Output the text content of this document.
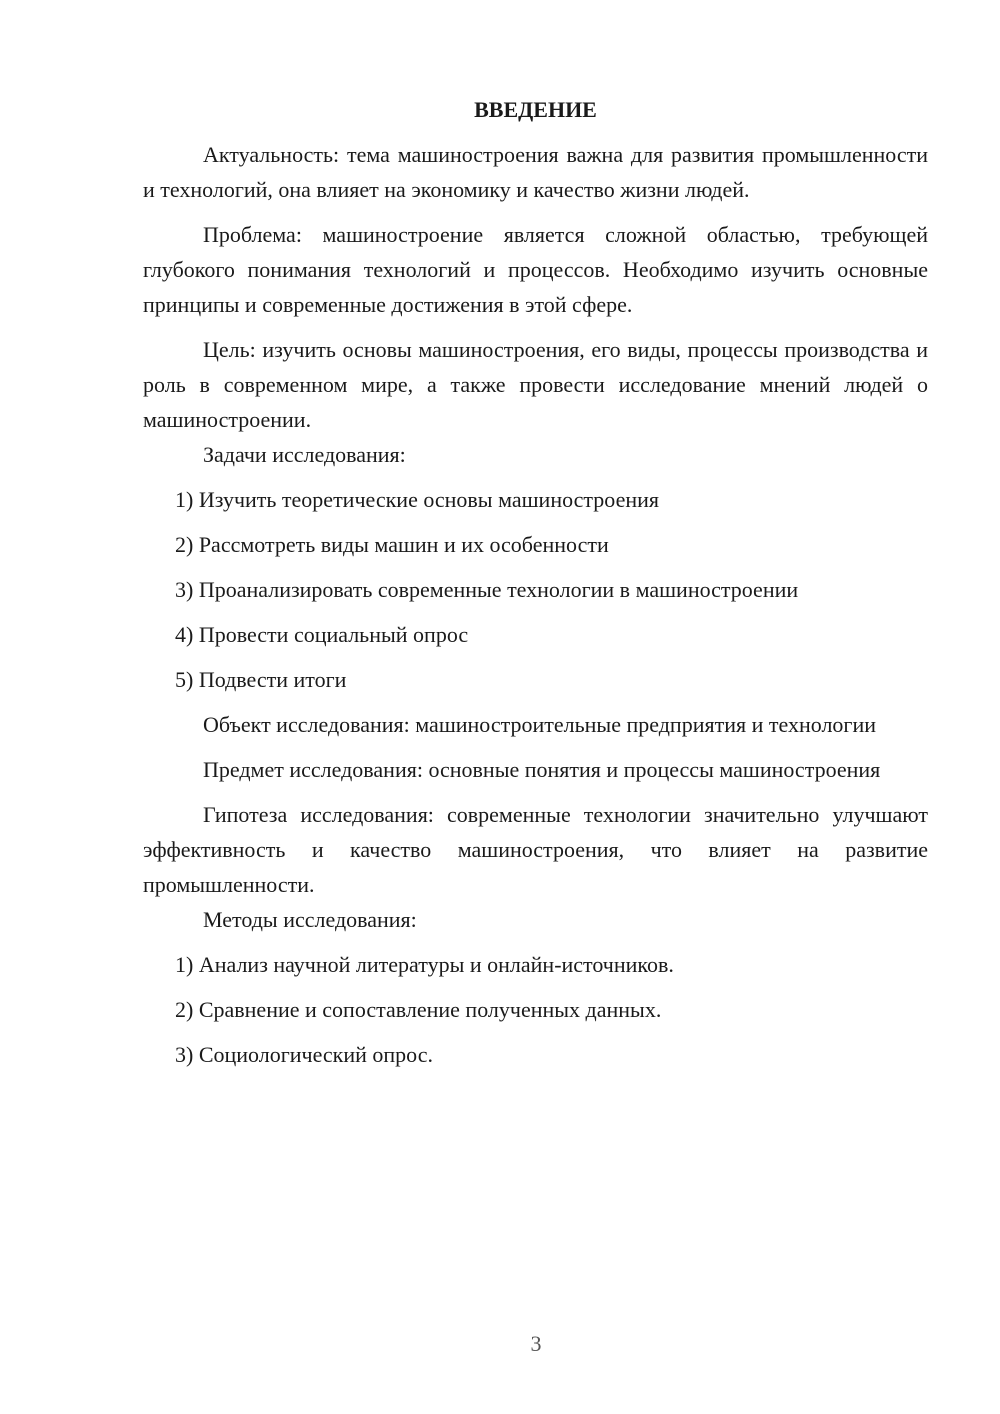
ВВЕДЕНИЕ

Актуальность: тема машиностроения важна для развития промышленности и технологий, она влияет на экономику и качество жизни людей.

Проблема: машиностроение является сложной областью, требующей глубокого понимания технологий и процессов. Необходимо изучить основные принципы и современные достижения в этой сфере.

Цель: изучить основы машиностроения, его виды, процессы производства и роль в современном мире, а также провести исследование мнений людей о машиностроении.

Задачи исследования:

1) Изучить теоретические основы машиностроения
2) Рассмотреть виды машин и их особенности
3) Проанализировать современные технологии в машиностроении
4) Провести социальный опрос
5) Подвести итоги

Объект исследования: машиностроительные предприятия и технологии

Предмет исследования: основные понятия и процессы машиностроения

Гипотеза исследования: современные технологии значительно улучшают эффективность и качество машиностроения, что влияет на развитие промышленности.

Методы исследования:

1) Анализ научной литературы и онлайн-источников.
2) Сравнение и сопоставление полученных данных.
3) Социологический опрос.
3
